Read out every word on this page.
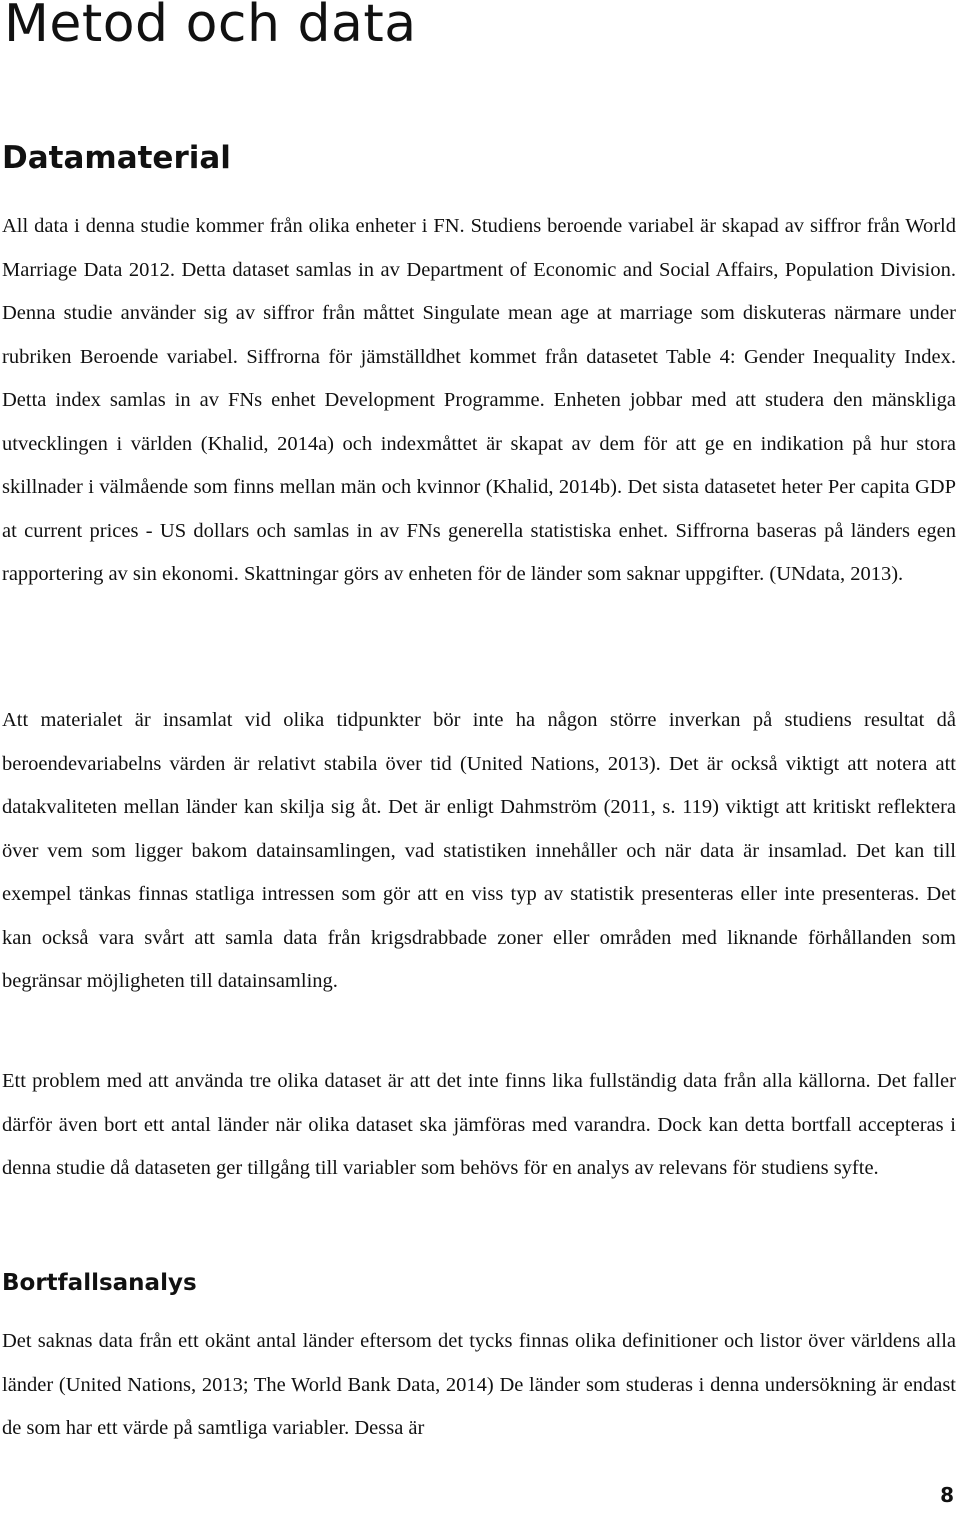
Metod och data
Datamaterial

All data i denna studie kommer från olika enheter i FN. Studiens beroende variabel är skapad av siffror från World Marriage Data 2012. Detta dataset samlas in av Department of Economic and Social Affairs, Population Division. Denna studie använder sig av siffror från måttet Singulate mean age at marriage som diskuteras närmare under rubriken Beroende variabel. Siffrorna för jämställdhet kommet från datasetet Table 4: Gender Inequality Index. Detta index samlas in av FNs enhet Development Programme. Enheten jobbar med att studera den mänskliga utvecklingen i världen (Khalid, 2014a) och indexmåttet är skapat av dem för att ge en indikation på hur stora skillnader i välmående som finns mellan män och kvinnor (Khalid, 2014b). Det sista datasetet heter Per capita GDP at current prices - US dollars och samlas in av FNs generella statistiska enhet. Siffrorna baseras på länders egen rapportering av sin ekonomi. Skattningar görs av enheten för de länder som saknar uppgifter. (UNdata, 2013).

Att materialet är insamlat vid olika tidpunkter bör inte ha någon större inverkan på studiens resultat då beroendevariabelns värden är relativt stabila över tid (United Nations, 2013). Det är också viktigt att notera att datakvaliteten mellan länder kan skilja sig åt. Det är enligt Dahmström (2011, s. 119) viktigt att kritiskt reflektera över vem som ligger bakom datainsamlingen, vad statistiken innehåller och när data är insamlad. Det kan till exempel tänkas finnas statliga intressen som gör att en viss typ av statistik presenteras eller inte presenteras. Det kan också vara svårt att samla data från krigsdrabbade zoner eller områden med liknande förhållanden som begränsar möjligheten till datainsamling.

Ett problem med att använda tre olika dataset är att det inte finns lika fullständig data från alla källorna. Det faller därför även bort ett antal länder när olika dataset ska jämföras med varandra. Dock kan detta bortfall accepteras i denna studie då dataseten ger tillgång till variabler som behövs för en analys av relevans för studiens syfte.

Bortfallsanalys

Det saknas data från ett okänt antal länder eftersom det tycks finnas olika definitioner och listor över världens alla länder (United Nations, 2013; The World Bank Data, 2014) De länder som studeras i denna undersökning är endast de som har ett värde på samtliga variabler. Dessa är

8
